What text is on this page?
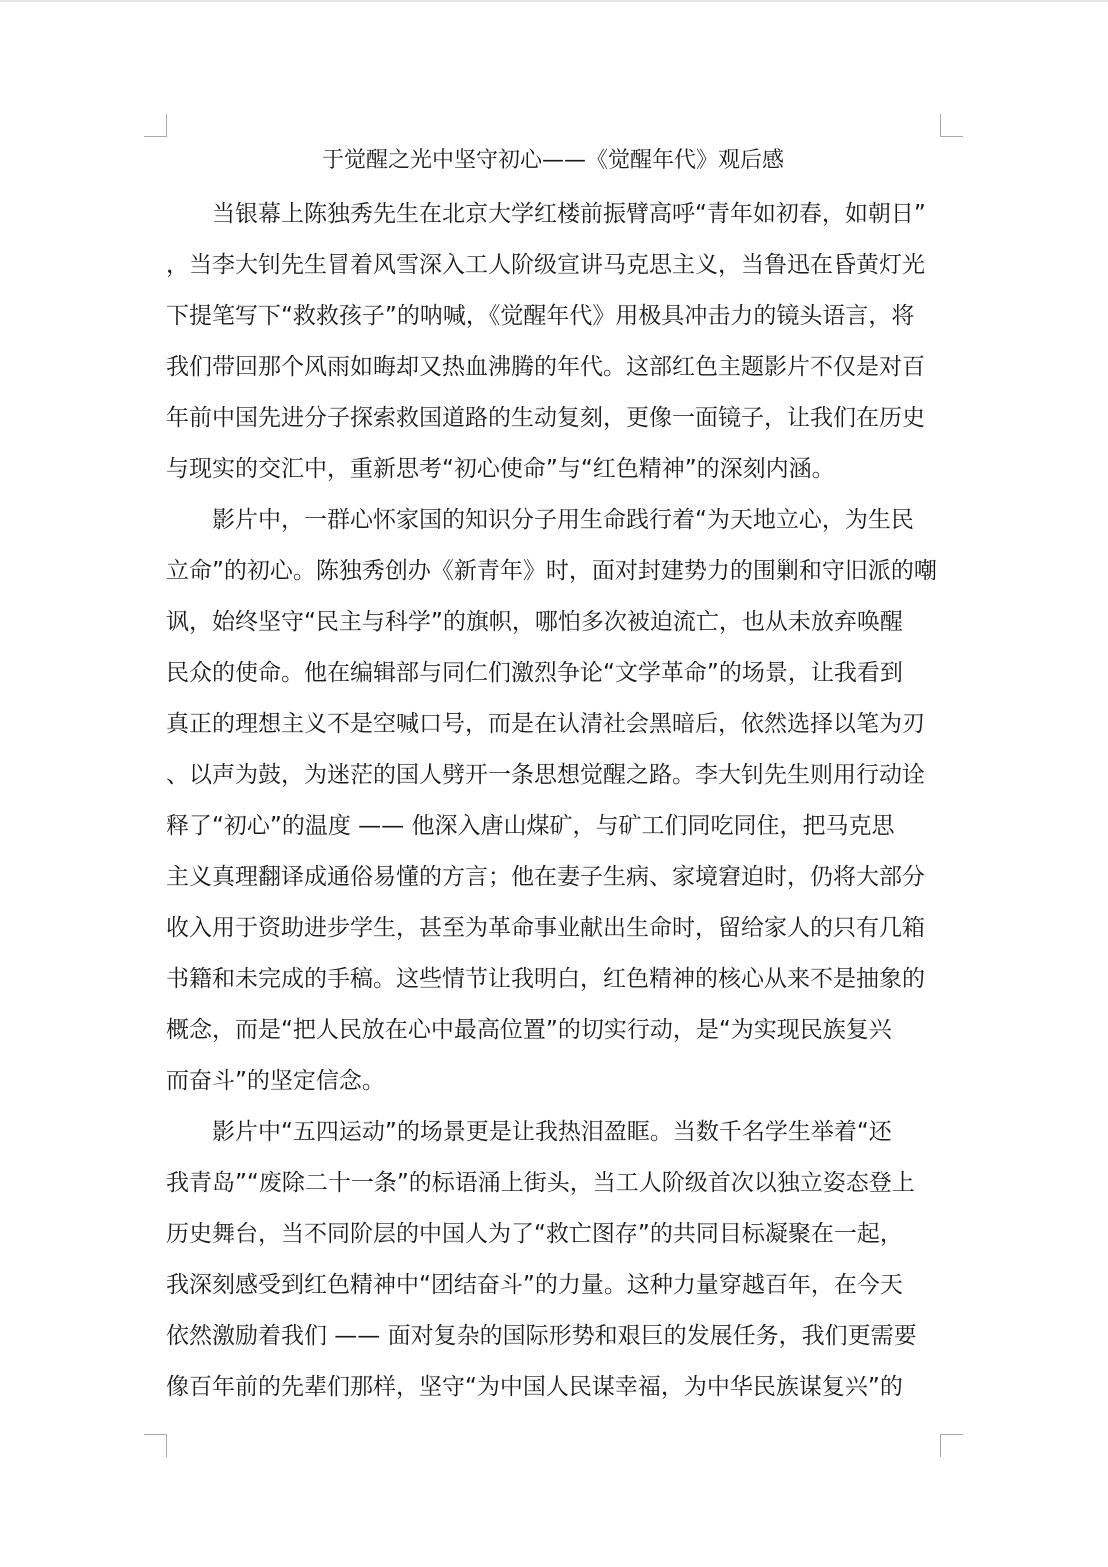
于觉醒之光中坚守初心——《觉醒年代》观后感
　　当银幕上陈独秀先生在北京大学红楼前振臂高呼“青年如初春，如朝日”
，当李大钊先生冒着风雪深入工人阶级宣讲马克思主义，当鲁迅在昏黄灯光
下提笔写下“救救孩子”的呐喊，《觉醒年代》用极具冲击力的镜头语言，将
我们带回那个风雨如晦却又热血沸腾的年代。这部红色主题影片不仅是对百
年前中国先进分子探索救国道路的生动复刻，更像一面镜子，让我们在历史
与现实的交汇中，重新思考“初心使命”与“红色精神”的深刻内涵。
　　影片中，一群心怀家国的知识分子用生命践行着“为天地立心，为生民
立命”的初心。陈独秀创办《新青年》时，面对封建势力的围剿和守旧派的嘲
讽，始终坚守“民主与科学”的旗帜，哪怕多次被迫流亡，也从未放弃唤醒
民众的使命。他在编辑部与同仁们激烈争论“文学革命”的场景，让我看到
真正的理想主义不是空喊口号，而是在认清社会黑暗后，依然选择以笔为刃
、以声为鼓，为迷茫的国人劈开一条思想觉醒之路。李大钊先生则用行动诠
释了“初心”的温度 —— 他深入唐山煤矿，与矿工们同吃同住，把马克思
主义真理翻译成通俗易懂的方言；他在妻子生病、家境窘迫时，仍将大部分
收入用于资助进步学生，甚至为革命事业献出生命时，留给家人的只有几箱
书籍和未完成的手稿。这些情节让我明白，红色精神的核心从来不是抽象的
概念，而是“把人民放在心中最高位置”的切实行动，是“为实现民族复兴
而奋斗”的坚定信念。
　　影片中“五四运动”的场景更是让我热泪盈眶。当数千名学生举着“还
我青岛”“废除二十一条”的标语涌上街头，当工人阶级首次以独立姿态登上
历史舞台，当不同阶层的中国人为了“救亡图存”的共同目标凝聚在一起，
我深刻感受到红色精神中“团结奋斗”的力量。这种力量穿越百年，在今天
依然激励着我们 —— 面对复杂的国际形势和艰巨的发展任务，我们更需要
像百年前的先辈们那样，坚守“为中国人民谋幸福，为中华民族谋复兴”的
